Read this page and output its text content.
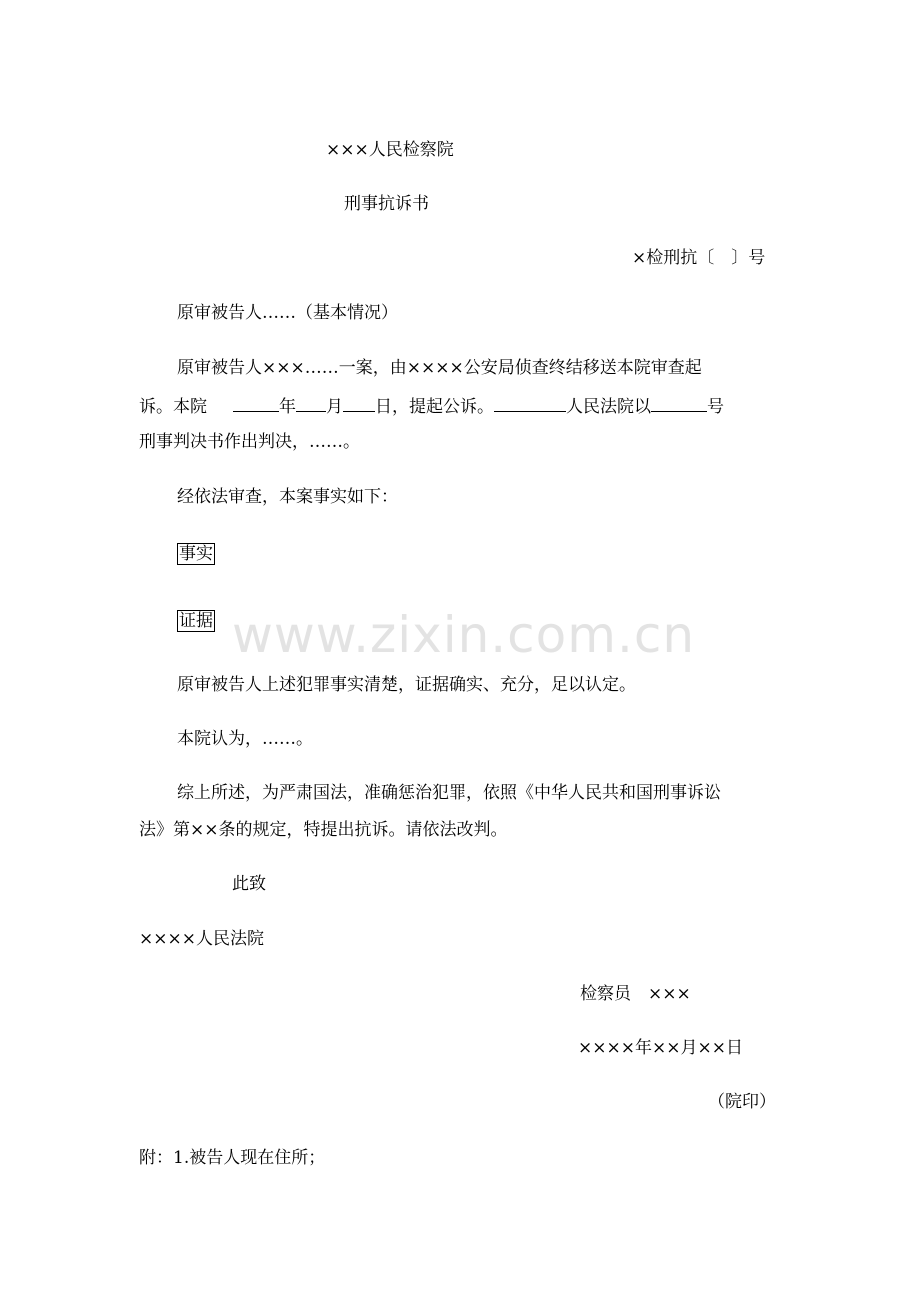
www.zixin.com.cn
×××人民检察院
刑事抗诉书
×检刑抗〔　〕号
原审被告人……（基本情况）
原审被告人×××……一案，由××××公安局侦查终结移送本院审查起
诉。本院	年 月 日，提起公诉。	人民法院以	号
刑事判决书作出判决，……。
经依法审查，本案事实如下：
事实
证据
原审被告人上述犯罪事实清楚，证据确实、充分，足以认定。
本院认为，……。
综上所述，为严肃国法，准确惩治犯罪，依照《中华人民共和国刑事诉讼
法》第××条的规定，特提出抗诉。请依法改判。
此致
××××人民法院
检察员　×××
××××年××月××日
（院印）
附：1.被告人现在住所；
